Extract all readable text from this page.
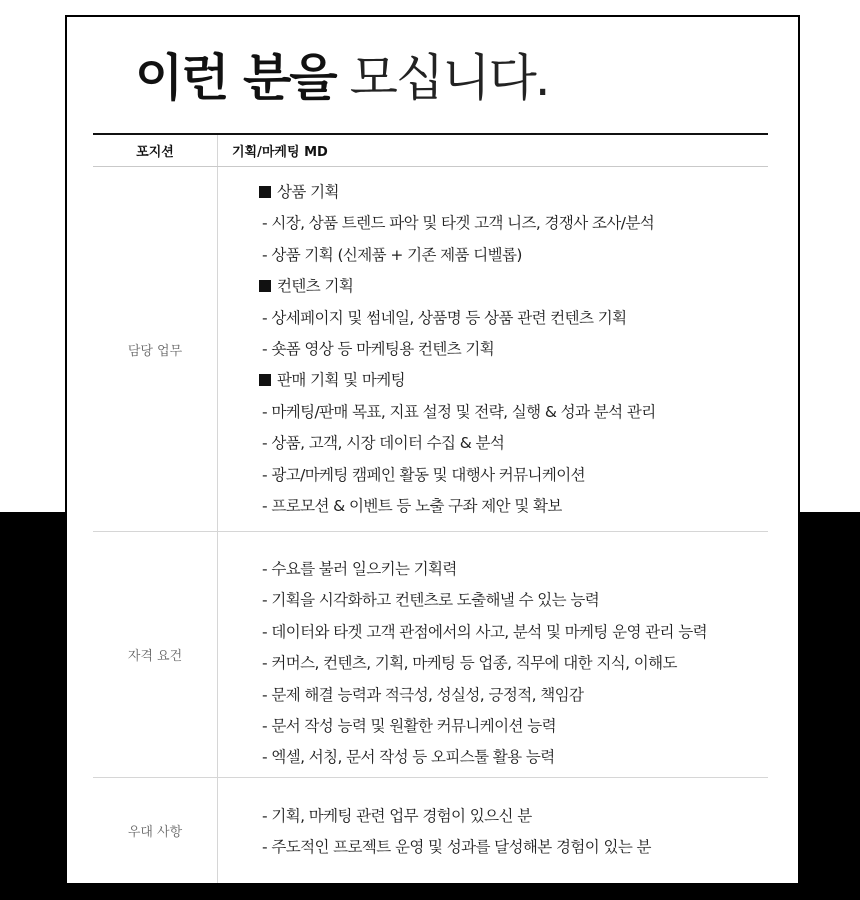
이런 분을 모십니다.
포지션	기획/마케팅 MD
담당 업무
상품 기획
- 시장, 상품 트렌드 파악 및 타겟 고객 니즈, 경쟁사 조사/분석
- 상품 기획 (신제품 + 기존 제품 디벨롭)
컨텐츠 기획
- 상세페이지 및 썸네일, 상품명 등 상품 관련 컨텐츠 기획
- 숏폼 영상 등 마케팅용 컨텐츠 기획
판매 기획 및 마케팅
- 마케팅/판매 목표, 지표 설정 및 전략, 실행 & 성과 분석 관리
- 상품, 고객, 시장 데이터 수집 & 분석
- 광고/마케팅 캠페인 활동 및 대행사 커뮤니케이션
- 프로모션 & 이벤트 등 노출 구좌 제안 및 확보
자격 요건
- 수요를 불러 일으키는 기획력
- 기획을 시각화하고 컨텐츠로 도출해낼 수 있는 능력
- 데이터와 타겟 고객 관점에서의 사고, 분석 및 마케팅 운영 관리 능력
- 커머스, 컨텐츠, 기획, 마케팅 등 업종, 직무에 대한 지식, 이해도
- 문제 해결 능력과 적극성, 성실성, 긍정적, 책임감
- 문서 작성 능력 및 원활한 커뮤니케이션 능력
- 엑셀, 서칭, 문서 작성 등 오피스툴 활용 능력
우대 사항
- 기획, 마케팅 관련 업무 경험이 있으신 분
- 주도적인 프로젝트 운영 및 성과를 달성해본 경험이 있는 분
